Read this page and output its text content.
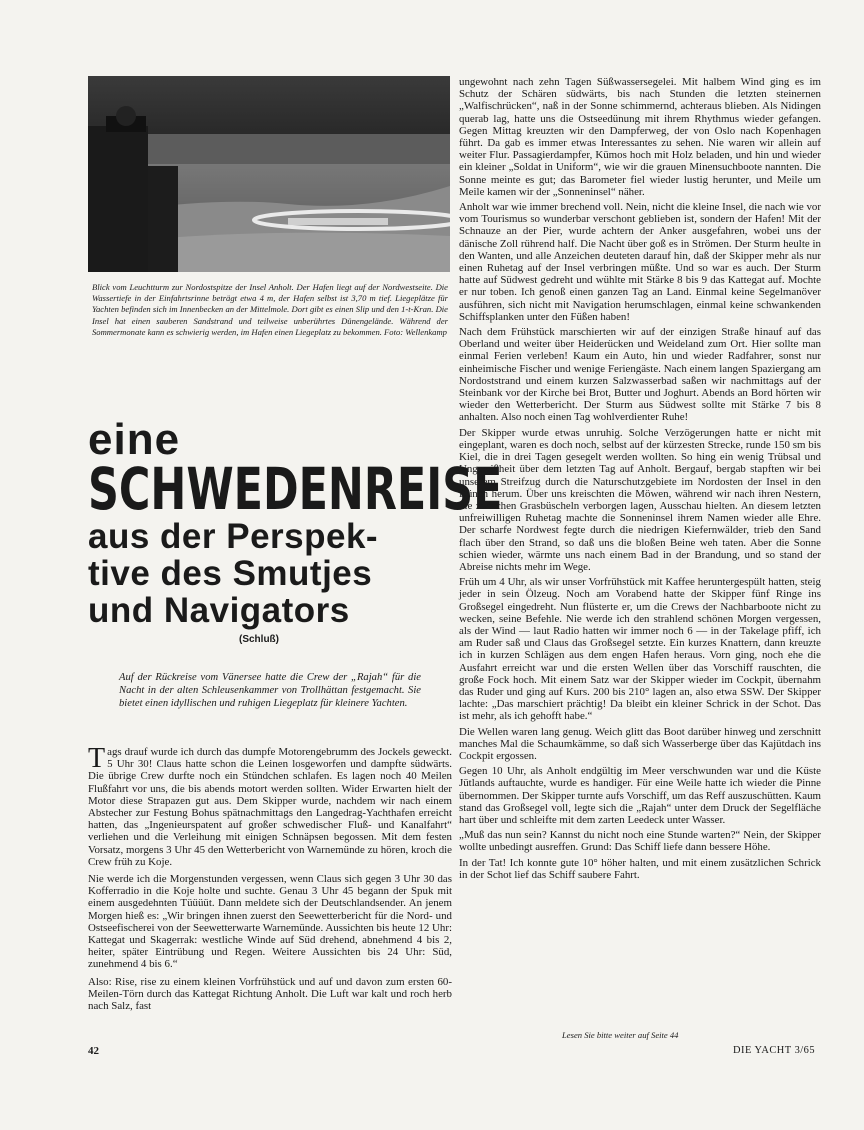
Blick vom Leuchtturm zur Nordostspitze der Insel Anholt. Der Hafen liegt auf der Nordwestseite. Die Wassertiefe in der Einfahrtsrinne beträgt etwa 4 m, der Hafen selbst ist 3,70 m tief. Liegeplätze für Yachten befinden sich im Innenbecken an der Mittelmole. Dort gibt es einen Slip und den 1-t-Kran. Die Insel hat einen sauberen Sandstrand und teilweise unberührtes Dünengelände. Während der Sommermonate kann es schwierig werden, im Hafen einen Liegeplatz zu bekommen. Foto: Wellenkamp
eine
SCHWEDENREISE
aus der Perspek-
tive des Smutjes
und Navigators
(Schluß)
Auf der Rückreise vom Vänersee hatte die Crew der „Rajah“ für die Nacht in der alten Schleusenkammer von Trollhättan festgemacht. Sie bietet einen idyllischen und ruhigen Liegeplatz für kleinere Yachten.

Tags drauf wurde ich durch das dumpfe Motorengebrumm des Jockels geweckt. 5 Uhr 30! Claus hatte schon die Leinen losgeworfen und dampfte südwärts. Die übrige Crew durfte noch ein Stündchen schlafen. Es lagen noch 40 Meilen Flußfahrt vor uns, die bis abends motort werden sollten. Wider Erwarten hielt der Motor diese Strapazen gut aus. Dem Skipper wurde, nachdem wir nach einem Abstecher zur Festung Bohus spätnachmittags den Langedrag-Yachthafen erreicht hatten, das „Ingenieurspatent auf großer schwedischer Fluß- und Kanalfahrt“ verliehen und die Verleihung mit einigen Schnäpsen begossen. Mit dem festen Vorsatz, morgens 3 Uhr 45 den Wetterbericht von Warnemünde zu hören, kroch die Crew früh zu Koje.

Nie werde ich die Morgenstunden vergessen, wenn Claus sich gegen 3 Uhr 30 das Kofferradio in die Koje holte und suchte. Genau 3 Uhr 45 begann der Spuk mit einem ausgedehnten Tüüüüt. Dann meldete sich der Deutschlandsender. An jenem Morgen hieß es: „Wir bringen ihnen zuerst den Seewetterbericht für die Nord- und Ostseefischerei von der Seewetterwarte Warnemünde. Aussichten bis heute 12 Uhr: Kattegat und Skagerrak: westliche Winde auf Süd drehend, abnehmend 4 bis 2, heiter, später Eintrübung und Regen. Weitere Aussichten bis 24 Uhr: Süd, zunehmend 4 bis 6.“

Also: Rise, rise zu einem kleinen Vorfrühstück und auf und davon zum ersten 60-Meilen-Törn durch das Kattegat Richtung Anholt. Die Luft war kalt und roch herb nach Salz, fast

ungewohnt nach zehn Tagen Süßwassersegelei. Mit halbem Wind ging es im Schutz der Schären südwärts, bis nach Stunden die letzten steinernen „Walfischrücken“, naß in der Sonne schimmernd, achteraus blieben. Als Nidingen querab lag, hatte uns die Ostseedünung mit ihrem Rhythmus wieder gefangen. Gegen Mittag kreuzten wir den Dampferweg, der von Oslo nach Kopenhagen führt. Da gab es immer etwas Interessantes zu sehen. Nie waren wir allein auf weiter Flur. Passagierdampfer, Kümos hoch mit Holz beladen, und hin und wieder ein kleiner „Soldat in Uniform“, wie wir die grauen Minensuchboote nannten. Die Sonne meinte es gut; das Barometer fiel wieder lustig herunter, und Meile um Meile kamen wir der „Sonneninsel“ näher.

Anholt war wie immer brechend voll. Nein, nicht die kleine Insel, die nach wie vor vom Tourismus so wunderbar verschont geblieben ist, sondern der Hafen! Mit der Schnauze an der Pier, wurde achtern der Anker ausgefahren, wobei uns der dänische Zoll rührend half. Die Nacht über goß es in Strömen. Der Sturm heulte in den Wanten, und alle Anzeichen deuteten darauf hin, daß der Skipper mehr als nur einen Ruhetag auf der Insel verbringen müßte. Und so war es auch. Der Sturm hatte auf Südwest gedreht und wühlte mit Stärke 8 bis 9 das Kattegat auf. Mochte er nur toben. Ich genoß einen ganzen Tag an Land. Einmal keine Segelmanöver ausführen, sich nicht mit Navigation herumschlagen, einmal keine schwankenden Schiffsplanken unter den Füßen haben!

Nach dem Frühstück marschierten wir auf der einzigen Straße hinauf auf das Oberland und weiter über Heiderücken und Weideland zum Ort. Hier sollte man einmal Ferien verleben! Kaum ein Auto, hin und wieder Radfahrer, sonst nur einheimische Fischer und wenige Feriengäste. Nach einem langen Spaziergang am Nordoststrand und einem kurzen Salzwasserbad saßen wir nachmittags auf der Steinbank vor der Kirche bei Brot, Butter und Joghurt. Abends an Bord hörten wir wieder den Wetterbericht. Der Sturm aus Südwest sollte mit Stärke 7 bis 8 anhalten. Also noch einen Tag wohlverdienter Ruhe!

Der Skipper wurde etwas unruhig. Solche Verzögerungen hatte er nicht mit eingeplant, waren es doch noch, selbst auf der kürzesten Strecke, runde 150 sm bis Kiel, die in drei Tagen gesegelt werden wollten. So hing ein wenig Trübsal und Ungewißheit über dem letzten Tag auf Anholt. Bergauf, bergab stapften wir bei unserem Streifzug durch die Naturschutzgebiete im Nordosten der Insel in den Dünen herum. Über uns kreischten die Möwen, während wir nach ihren Nestern, die zwischen Grasbüscheln verborgen lagen, Ausschau hielten. An diesem letzten unfreiwilligen Ruhetag machte die Sonneninsel ihrem Namen wieder alle Ehre. Der scharfe Nordwest fegte durch die niedrigen Kiefernwälder, trieb den Sand flach über den Strand, so daß uns die bloßen Beine weh taten. Aber die Sonne schien wieder, wärmte uns nach einem Bad in der Brandung, und so stand der Abreise nichts mehr im Wege.

Früh um 4 Uhr, als wir unser Vorfrühstück mit Kaffee heruntergespült hatten, steig jeder in sein Ölzeug. Noch am Vorabend hatte der Skipper fünf Ringe ins Großsegel eingedreht. Nun flüsterte er, um die Crews der Nachbarboote nicht zu wecken, seine Befehle. Nie werde ich den strahlend schönen Morgen vergessen, als der Wind — laut Radio hatten wir immer noch 6 — in der Takelage pfiff, ich am Ruder saß und Claus das Großsegel setzte. Ein kurzes Knattern, dann kreuzte ich in kurzen Schlägen aus dem engen Hafen heraus. Vorn ging, noch ehe die Ausfahrt erreicht war und die ersten Wellen über das Vorschiff rauschten, die große Fock hoch. Mit einem Satz war der Skipper wieder im Cockpit, übernahm das Ruder und ging auf Kurs. 200 bis 210° lagen an, also etwa SSW. Der Skipper lachte: „Das marschiert prächtig! Da bleibt ein kleiner Schrick in der Schot. Das ist mehr, als ich gehofft habe.“

Die Wellen waren lang genug. Weich glitt das Boot darüber hinweg und zerschnitt manches Mal die Schaumkämme, so daß sich Wasserberge über das Kajütdach ins Cockpit ergossen.

Gegen 10 Uhr, als Anholt endgültig im Meer verschwunden war und die Küste Jütlands auftauchte, wurde es handiger. Für eine Weile hatte ich wieder die Pinne übernommen. Der Skipper turnte aufs Vorschiff, um das Reff auszuschütten. Kaum stand das Großsegel voll, legte sich die „Rajah“ unter dem Druck der Segelfläche hart über und schleifte mit dem zarten Leedeck unter Wasser.

„Muß das nun sein? Kannst du nicht noch eine Stunde warten?“ Nein, der Skipper wollte unbedingt ausreffen. Grund: Das Schiff liefe dann bessere Höhe.

In der Tat! Ich konnte gute 10° höher halten, und mit einem zusätzlichen Schrick in der Schot lief das Schiff saubere Fahrt.

Lesen Sie bitte weiter auf Seite 44
42	DIE YACHT 3/65
